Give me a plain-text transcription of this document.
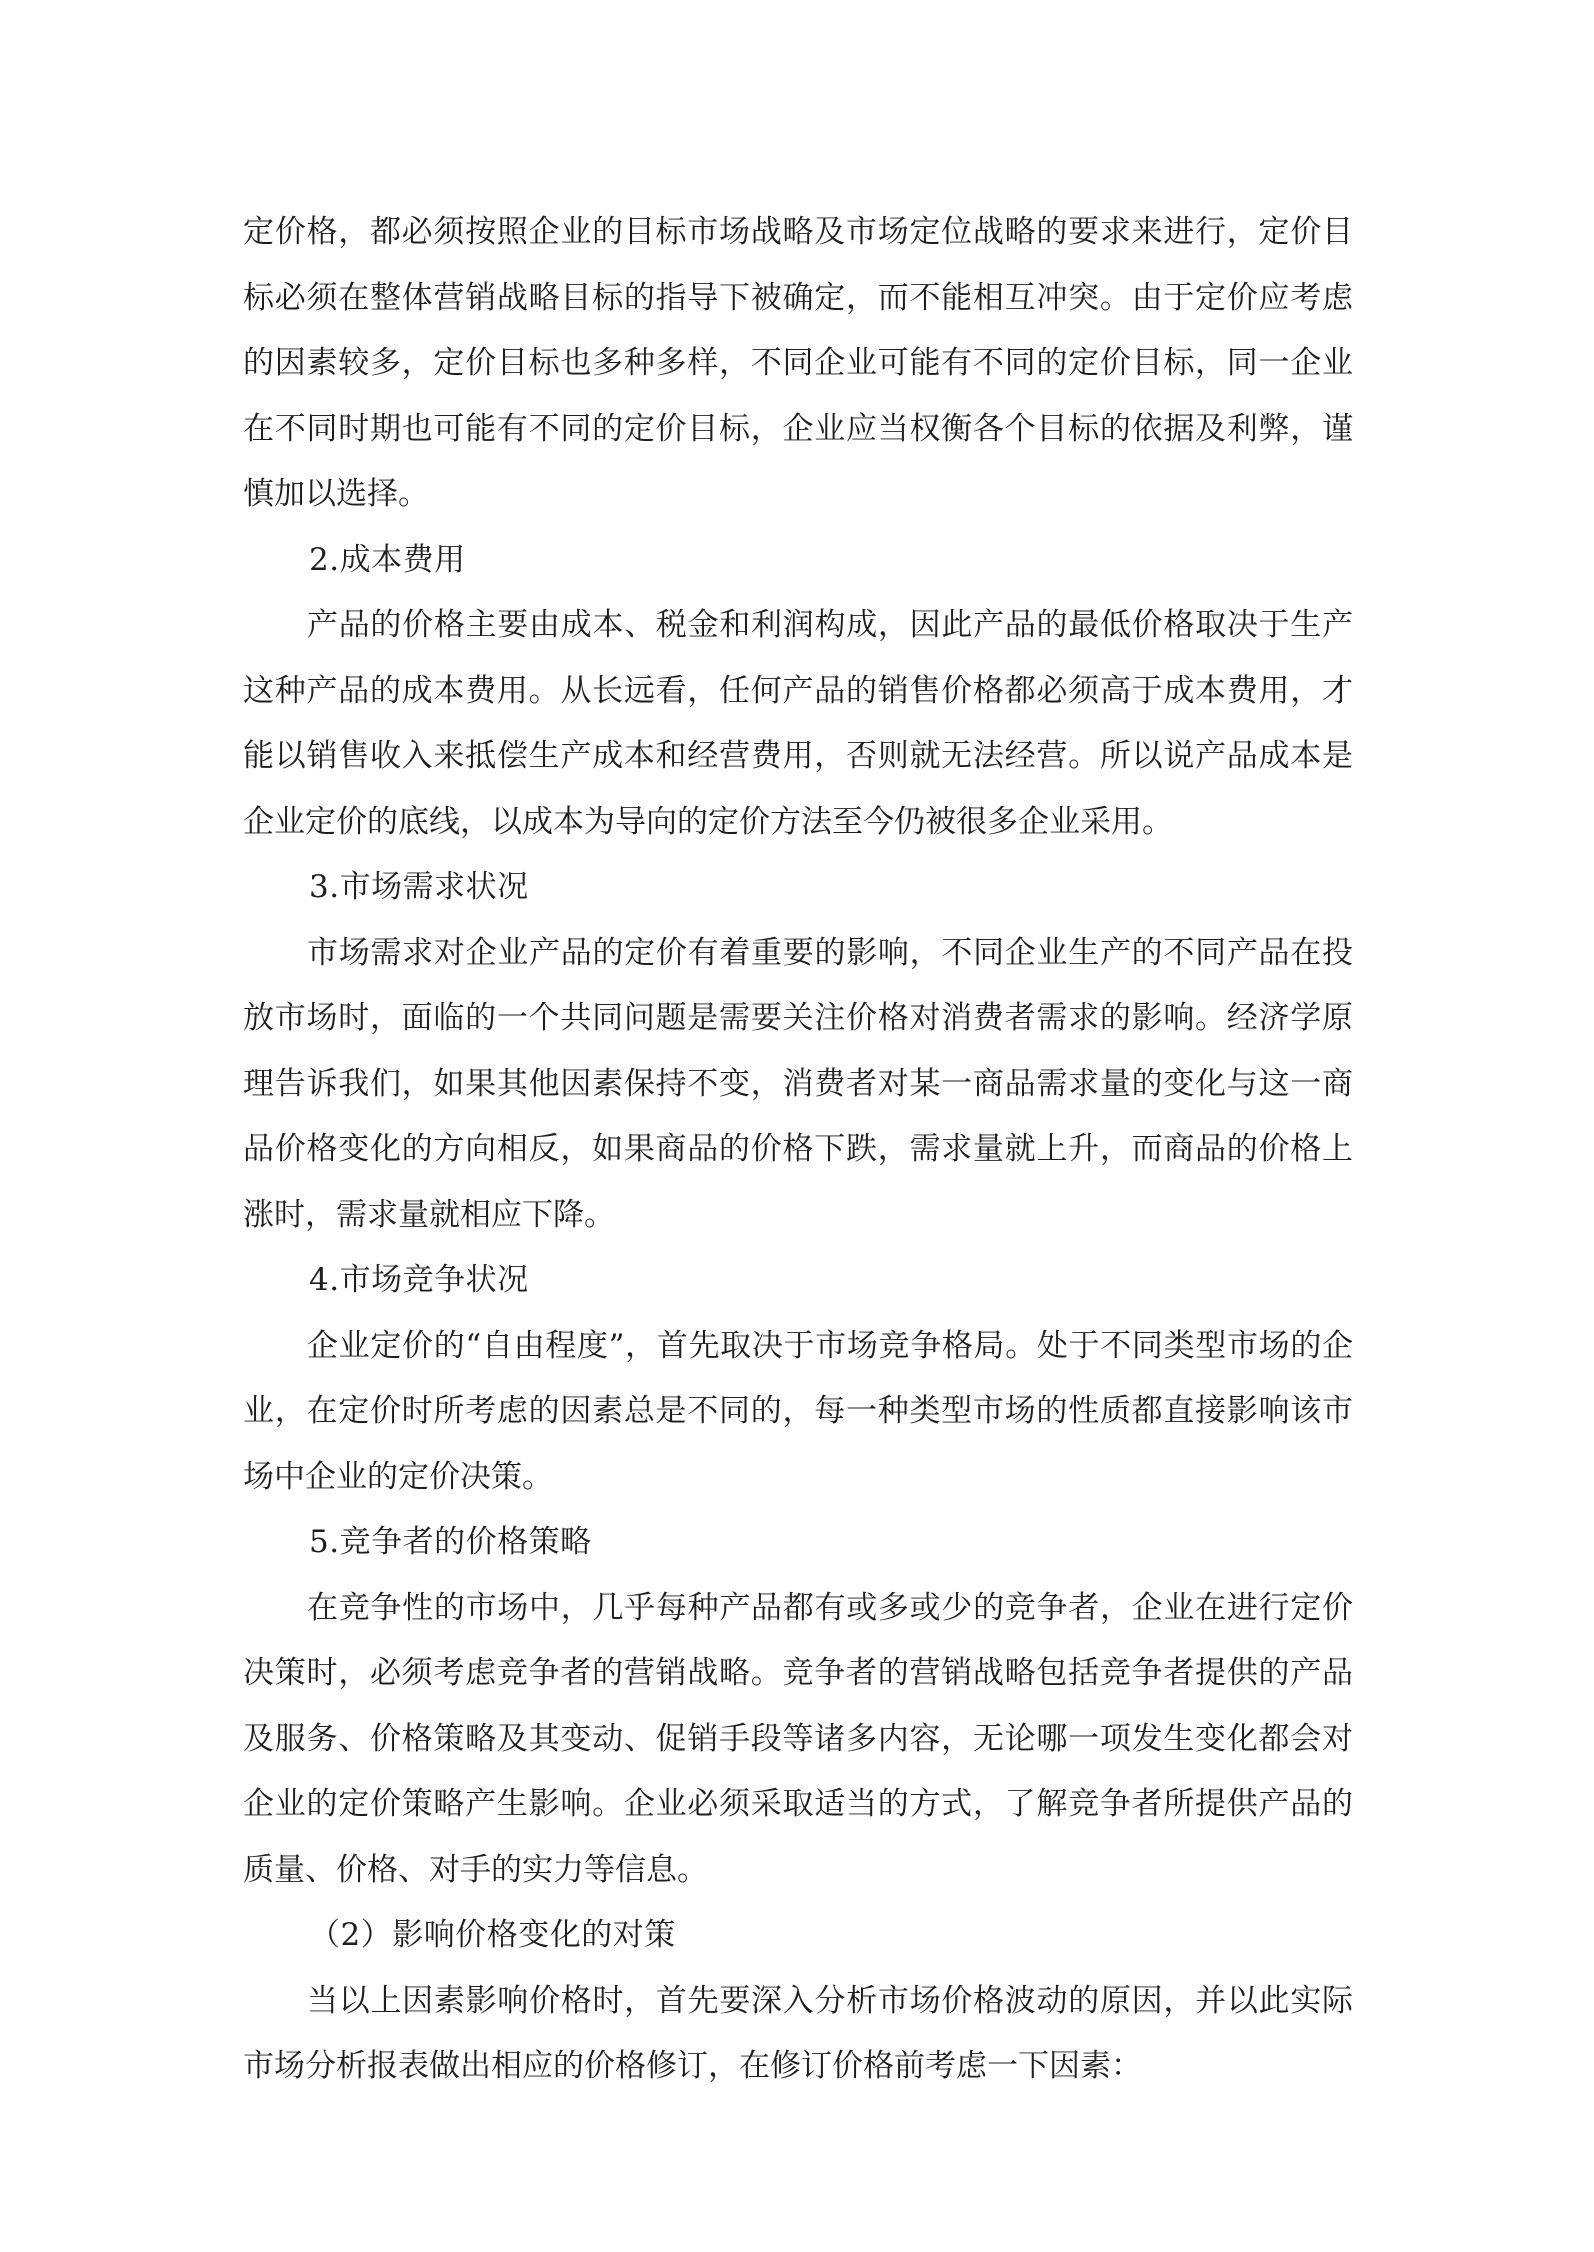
定价格，都必须按照企业的目标市场战略及市场定位战略的要求来进行，定价目标必须在整体营销战略目标的指导下被确定，而不能相互冲突。由于定价应考虑的因素较多，定价目标也多种多样，不同企业可能有不同的定价目标，同一企业在不同时期也可能有不同的定价目标，企业应当权衡各个目标的依据及利弊，谨慎加以选择。

2.成本费用

产品的价格主要由成本、税金和利润构成，因此产品的最低价格取决于生产这种产品的成本费用。从长远看，任何产品的销售价格都必须高于成本费用，才能以销售收入来抵偿生产成本和经营费用，否则就无法经营。所以说产品成本是企业定价的底线，以成本为导向的定价方法至今仍被很多企业采用。

3.市场需求状况

市场需求对企业产品的定价有着重要的影响，不同企业生产的不同产品在投放市场时，面临的一个共同问题是需要关注价格对消费者需求的影响。经济学原理告诉我们，如果其他因素保持不变，消费者对某一商品需求量的变化与这一商品价格变化的方向相反，如果商品的价格下跌，需求量就上升，而商品的价格上涨时，需求量就相应下降。

4.市场竞争状况

企业定价的“自由程度”，首先取决于市场竞争格局。处于不同类型市场的企业，在定价时所考虑的因素总是不同的，每一种类型市场的性质都直接影响该市场中企业的定价决策。

5.竞争者的价格策略

在竞争性的市场中，几乎每种产品都有或多或少的竞争者，企业在进行定价决策时，必须考虑竞争者的营销战略。竞争者的营销战略包括竞争者提供的产品及服务、价格策略及其变动、促销手段等诸多内容，无论哪一项发生变化都会对企业的定价策略产生影响。企业必须采取适当的方式，了解竞争者所提供产品的质量、价格、对手的实力等信息。

（2）影响价格变化的对策

当以上因素影响价格时，首先要深入分析市场价格波动的原因，并以此实际市场分析报表做出相应的价格修订，在修订价格前考虑一下因素：
